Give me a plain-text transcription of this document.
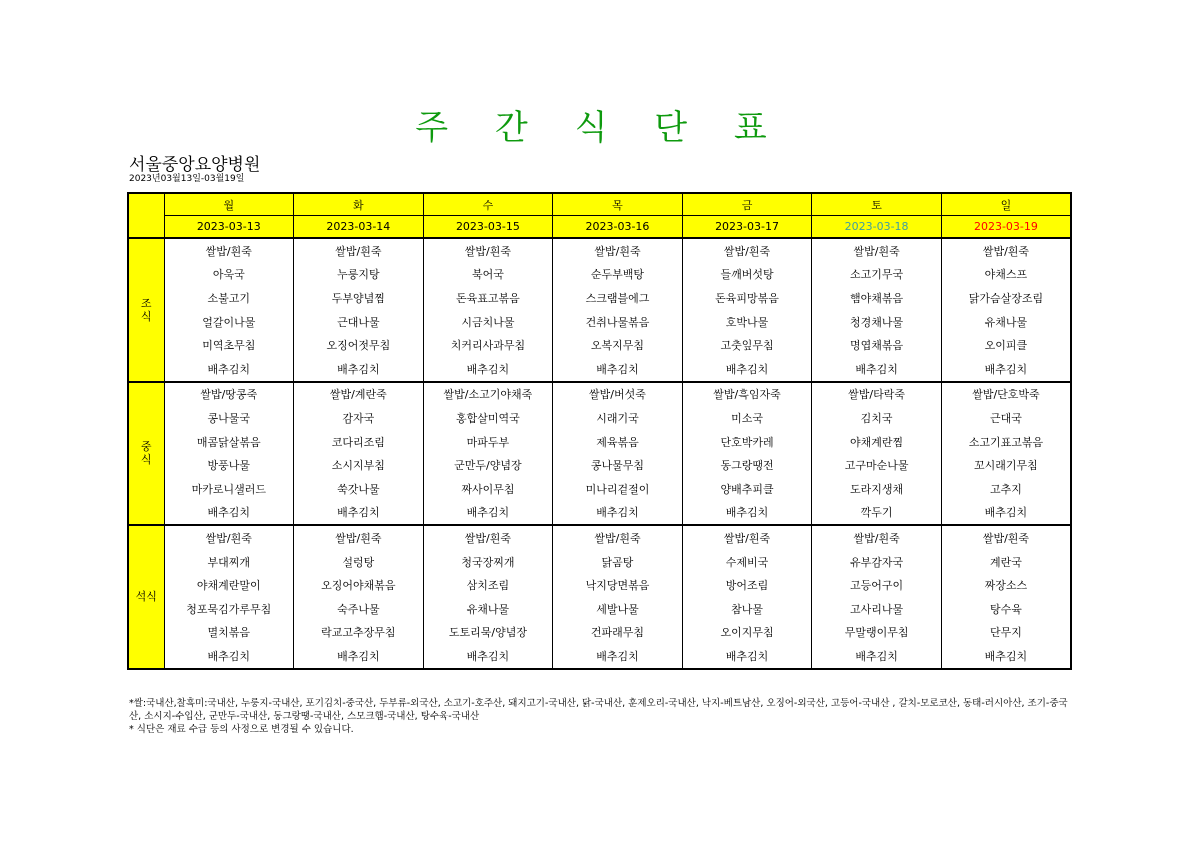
주 간 식 단 표
서울중앙요양병원
2023년03월13일-03월19일
	월	화	수	목	금	토	일
	2023-03-13	2023-03-14	2023-03-15	2023-03-16	2023-03-17	2023-03-18	2023-03-19
조
식	쌀밥/흰죽	쌀밥/흰죽	쌀밥/흰죽	쌀밥/흰죽	쌀밥/흰죽	쌀밥/흰죽	쌀밥/흰죽
	아욱국	누룽지탕	북어국	순두부백탕	들깨버섯탕	소고기무국	야채스프
	소불고기	두부양념찜	돈육표고볶음	스크램블에그	돈육피망볶음	햄야채볶음	닭가슴살장조림
	얼갈이나물	근대나물	시금치나물	건취나물볶음	호박나물	청경채나물	유채나물
	미역초무침	오징어젓무침	치커리사과무침	오복지무침	고춧잎무침	명엽채볶음	오이피클
	배추김치	배추김치	배추김치	배추김치	배추김치	배추김치	배추김치
중
식	쌀밥/땅콩죽	쌀밥/계란죽	쌀밥/소고기야채죽	쌀밥/버섯죽	쌀밥/흑임자죽	쌀밥/타락죽	쌀밥/단호박죽
	콩나물국	감자국	홍합살미역국	시래기국	미소국	김치국	근대국
	매콤닭살볶음	코다리조림	마파두부	제육볶음	단호박카레	야채계란찜	소고기표고볶음
	방풍나물	소시지부침	군만두/양념장	콩나물무침	동그랑땡전	고구마순나물	꼬시래기무침
	마카로니샐러드	쑥갓나물	짜사이무침	미나리겉절이	양배추피클	도라지생채	고추지
	배추김치	배추김치	배추김치	배추김치	배추김치	깍두기	배추김치
석식	쌀밥/흰죽	쌀밥/흰죽	쌀밥/흰죽	쌀밥/흰죽	쌀밥/흰죽	쌀밥/흰죽	쌀밥/흰죽
	부대찌개	설렁탕	청국장찌개	닭곰탕	수제비국	유부감자국	계란국
	야채계란말이	오징어야채볶음	삼치조림	낙지당면볶음	방어조림	고등어구이	짜장소스
	청포묵김가루무침	숙주나물	유채나물	세발나물	참나물	고사리나물	탕수육
	멸치볶음	락교고추장무침	도토리묵/양념장	건파래무침	오이지무침	무말랭이무침	단무지
	배추김치	배추김치	배추김치	배추김치	배추김치	배추김치	배추김치
*쌀:국내산,찰흑미:국내산, 누룽지-국내산, 포기김치-중국산, 두부류-외국산, 소고기-호주산, 돼지고기-국내산, 닭-국내산, 훈제오리-국내산, 낙지-베트남산, 오징어-외국산, 고등어-국내산 , 갈치-모로코산, 동태-러시아산, 조기-중국산, 소시지-수입산, 군만두-국내산, 동그랑땡-국내산, 스모크햄-국내산, 탕수육-국내산
* 식단은 재료 수급 등의 사정으로 변경될 수 있습니다.
